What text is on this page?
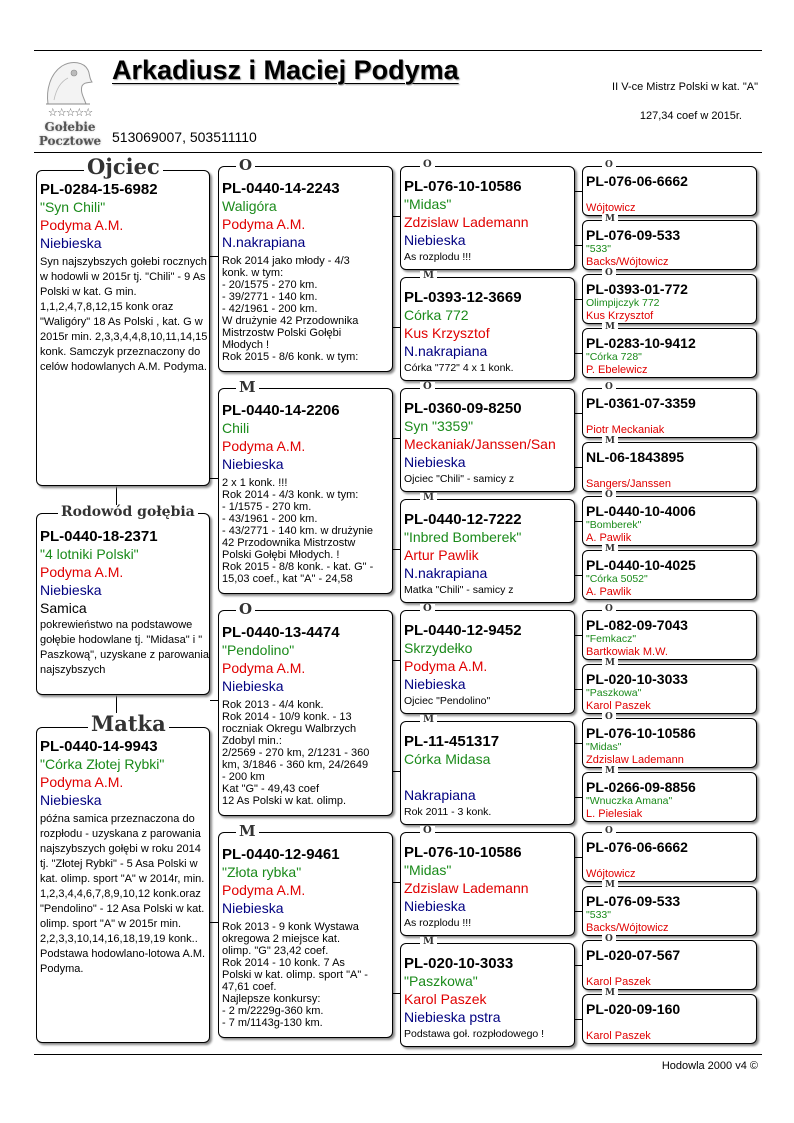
☆☆☆☆☆
Gołebie
Pocztowe
Arkadiusz i Maciej Podyma
513069007, 503511110
II V-ce Mistrz Polski w kat. "A"
127,34 coef w 2015r.
PL-0284-15-6982
"Syn Chili"
Podyma A.M.
Niebieska
Syn najszybszych gołebi rocznych w hodowli w 2015r tj. "Chili" - 9 As Polski w kat. G min. 1,1,2,4,7,8,12,15 konk oraz "Waligóry" 18 As Polski , kat. G w 2015r min. 2,3,3,4,4,8,10,11,14,15 konk. Samczyk przeznaczony do celów hodowlanych A.M. Podyma.
Ojciec
PL-0440-18-2371
"4 lotniki Polski"
Podyma A.M.
Niebieska
Samica
pokrewieństwo na podstawowe gołębie hodowlane tj. "Midasa" i " Paszkową", uzyskane z parowania najszybszych
Rodowód gołębia
PL-0440-14-9943
"Córka Złotej Rybki"
Podyma A.M.
Niebieska
późna samica przeznaczona do rozpłodu - uzyskana z parowania najszybszych gołębi w roku 2014 tj. "Złotej Rybki" - 5 Asa Polski w kat. olimp. sport "A" w 2014r, min. 1,2,3,4,4,6,7,8,9,10,12 konk.oraz "Pendolino" - 12 Asa Polski w kat. olimp. sport "A" w 2015r min. 2,2,3,3,10,14,16,18,19,19 konk.. Podstawa hodowlano-lotowa A.M. Podyma.
Matka
PL-0440-14-2243
Waligóra
Podyma A.M.
N.nakrapiana
Rok 2014 jako młody - 4/3
konk. w tym:
- 20/1575 - 270 km.
- 39/2771 - 140 km.
- 42/1961 - 200 km.
W drużynie 42 Przodownika
Mistrzostw Polski Gołębi
Młodych !
Rok 2015 - 8/6 konk. w tym:
O
PL-0440-14-2206
Chili
Podyma A.M.
Niebieska
2 x 1 konk. !!!
Rok 2014 - 4/3 konk. w tym:
- 1/1575 - 270 km.
- 43/1961 - 200 km.
- 43/2771 - 140 km. w drużynie
42 Przodownika Mistrzostw
Polski Gołębi Młodych. !
Rok 2015 - 8/8 konk. - kat. G" -
15,03 coef., kat "A" - 24,58
M
PL-0440-13-4474
"Pendolino"
Podyma A.M.
Niebieska
Rok 2013 - 4/4 konk.
Rok 2014 - 10/9 konk. - 13
roczniak Okregu Walbrzych
Zdobyl min.:
2/2569 - 270 km, 2/1231 - 360
km, 3/1846 - 360 km, 24/2649
- 200 km
Kat "G" - 49,43 coef
12 As Polski w kat. olimp.
O
PL-0440-12-9461
"Złota rybka"
Podyma A.M.
Niebieska
Rok 2013 - 9 konk Wystawa
okregowa 2 miejsce kat.
olimp. "G" 23,42 coef.
Rok 2014 - 10 konk. 7 As
Polski w kat. olimp. sport "A" -
47,61 coef.
Najlepsze konkursy:
- 2 m/2229g-360 km.
- 7 m/1143g-130 km.
M
PL-076-10-10586
"Midas"
Zdzislaw Lademann
Niebieska
As rozplodu !!!
O
PL-0393-12-3669
Córka 772
Kus Krzysztof
N.nakrapiana
Córka "772" 4 x 1 konk.
M
PL-0360-09-8250
Syn "3359"
Meckaniak/Janssen/San
Niebieska
Ojciec "Chili" - samicy z
O
PL-0440-12-7222
"Inbred Bomberek"
Artur Pawlik
N.nakrapiana
Matka "Chili" - samicy z
M
PL-0440-12-9452
Skrzydełko
Podyma A.M.
Niebieska
Ojciec "Pendolino"
O
PL-11-451317
Córka Midasa
Nakrapiana
Rok 2011 - 3 konk.
M
PL-076-10-10586
"Midas"
Zdzislaw Lademann
Niebieska
As rozplodu !!!
O
PL-020-10-3033
"Paszkowa"
Karol Paszek
Niebieska pstra
Podstawa goł. rozpłodowego !
M
PL-076-06-6662
Wójtowicz
O
PL-076-09-533
"533"
Backs/Wójtowicz
M
PL-0393-01-772
Olimpijczyk 772
Kus Krzysztof
O
PL-0283-10-9412
"Córka 728"
P. Ebelewicz
M
PL-0361-07-3359
Piotr Meckaniak
O
NL-06-1843895
Sangers/Janssen
M
PL-0440-10-4006
"Bomberek"
A. Pawlik
O
PL-0440-10-4025
"Córka 5052"
A. Pawlik
M
PL-082-09-7043
"Femkacz"
Bartkowiak M.W.
O
PL-020-10-3033
"Paszkowa"
Karol Paszek
M
PL-076-10-10586
"Midas"
Zdzislaw Lademann
O
PL-0266-09-8856
"Wnuczka Amana"
L. Pielesiak
M
PL-076-06-6662
Wójtowicz
O
PL-076-09-533
"533"
Backs/Wójtowicz
M
PL-020-07-567
Karol Paszek
O
PL-020-09-160
Karol Paszek
M
Hodowla 2000 v4 ©
